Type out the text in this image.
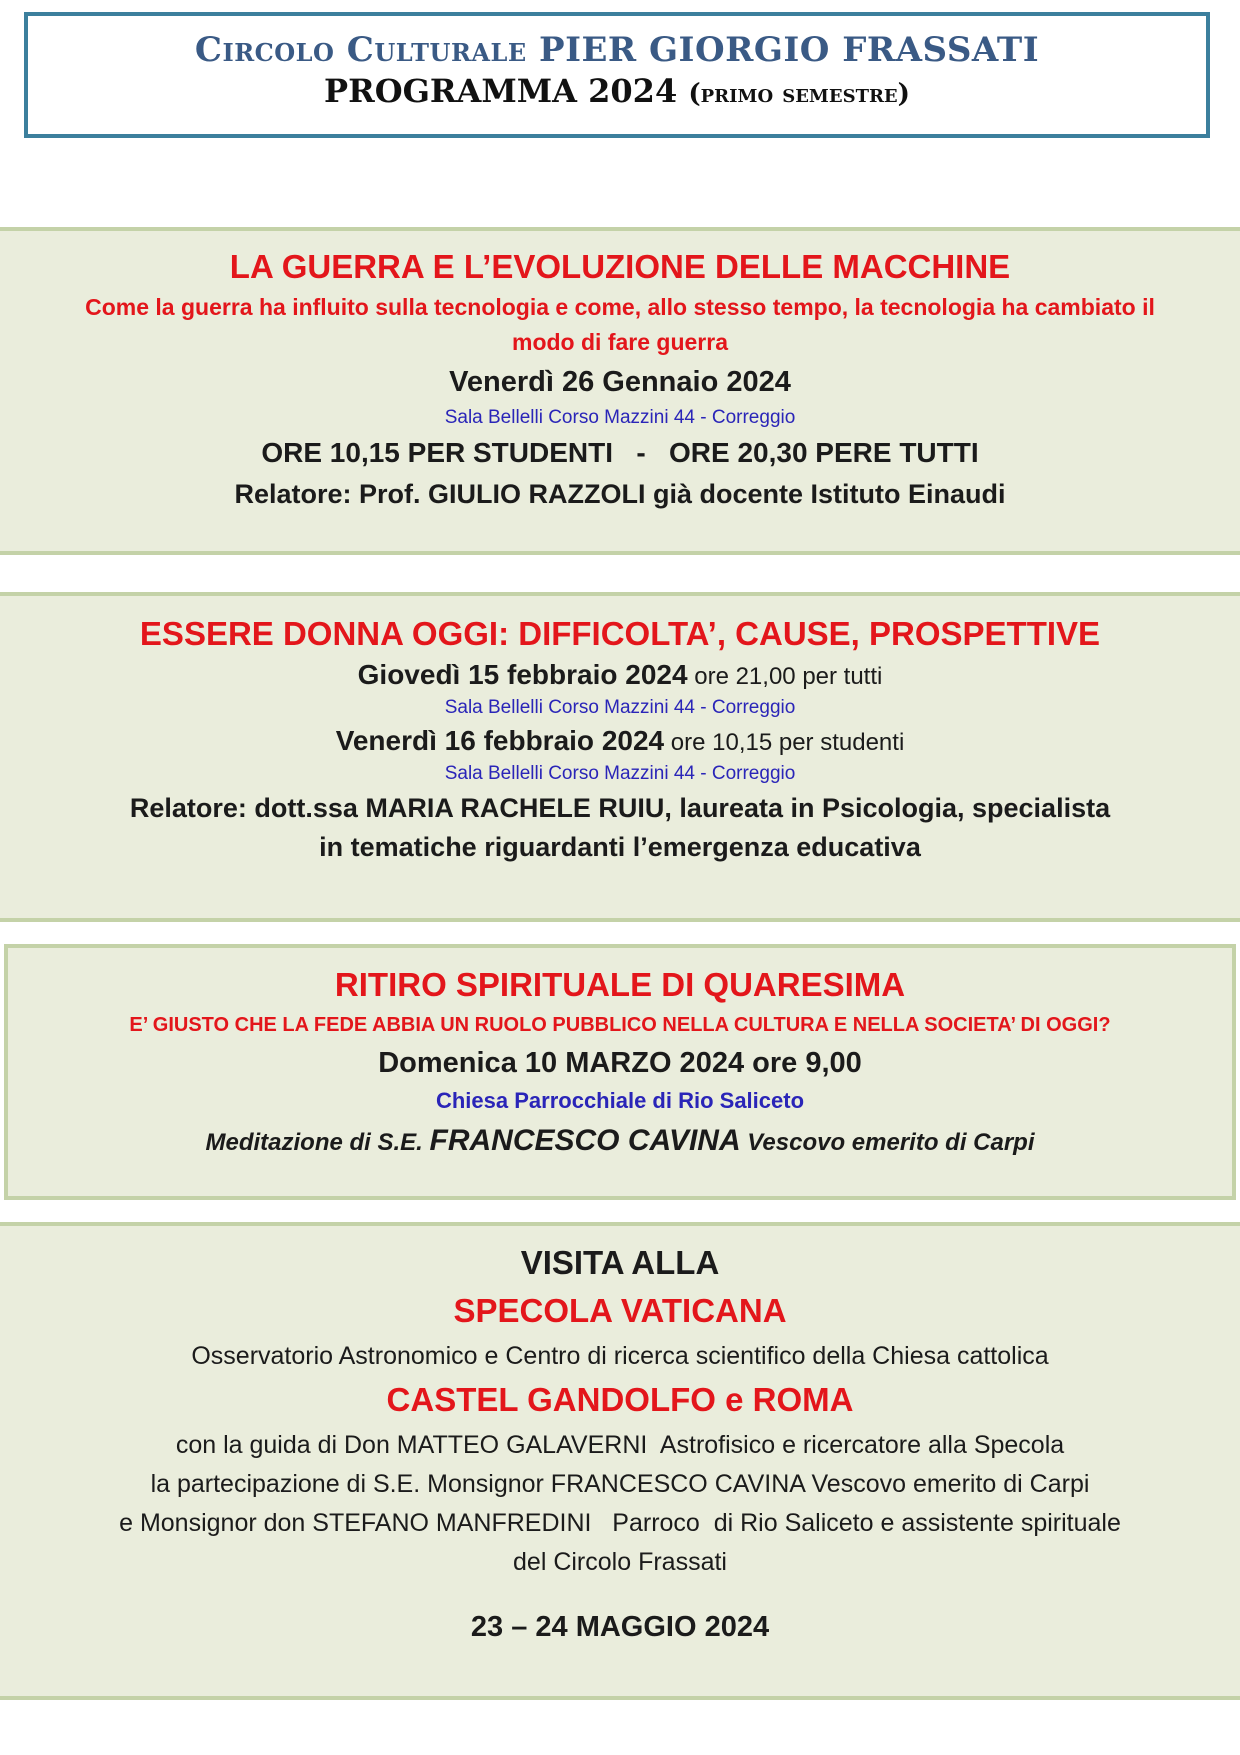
Circolo Culturale PIER GIORGIO FRASSATI
PROGRAMMA 2024 (primo semestre)
LA GUERRA E L’EVOLUZIONE DELLE MACCHINE
Come la guerra ha influito sulla tecnologia e come, allo stesso tempo, la tecnologia ha cambiato il
modo di fare guerra
Venerdì 26 Gennaio 2024
Sala Bellelli Corso Mazzini 44 - Correggio
ORE 10,15 PER STUDENTI   -   ORE 20,30 PERE TUTTI
Relatore: Prof. GIULIO RAZZOLI già docente Istituto Einaudi
ESSERE DONNA OGGI: DIFFICOLTA’, CAUSE, PROSPETTIVE
Giovedì 15 febbraio 2024 ore 21,00 per tutti
Sala Bellelli Corso Mazzini 44 - Correggio
Venerdì 16 febbraio 2024 ore 10,15 per studenti
Sala Bellelli Corso Mazzini 44 - Correggio
Relatore: dott.ssa MARIA RACHELE RUIU, laureata in Psicologia, specialista
in tematiche riguardanti l’emergenza educativa
RITIRO SPIRITUALE DI QUARESIMA
E’ GIUSTO CHE LA FEDE ABBIA UN RUOLO PUBBLICO NELLA CULTURA E NELLA SOCIETA’ DI OGGI?
Domenica 10 MARZO 2024 ore 9,00
Chiesa Parrocchiale di Rio Saliceto
Meditazione di S.E. FRANCESCO CAVINA Vescovo emerito di Carpi
VISITA ALLA
SPECOLA VATICANA
Osservatorio Astronomico e Centro di ricerca scientifico della Chiesa cattolica
CASTEL GANDOLFO e ROMA
con la guida di Don MATTEO GALAVERNI  Astrofisico e ricercatore alla Specola
la partecipazione di S.E. Monsignor FRANCESCO CAVINA Vescovo emerito di Carpi
e Monsignor don STEFANO MANFREDINI   Parroco  di Rio Saliceto e assistente spirituale
del Circolo Frassati
23 – 24 MAGGIO 2024
